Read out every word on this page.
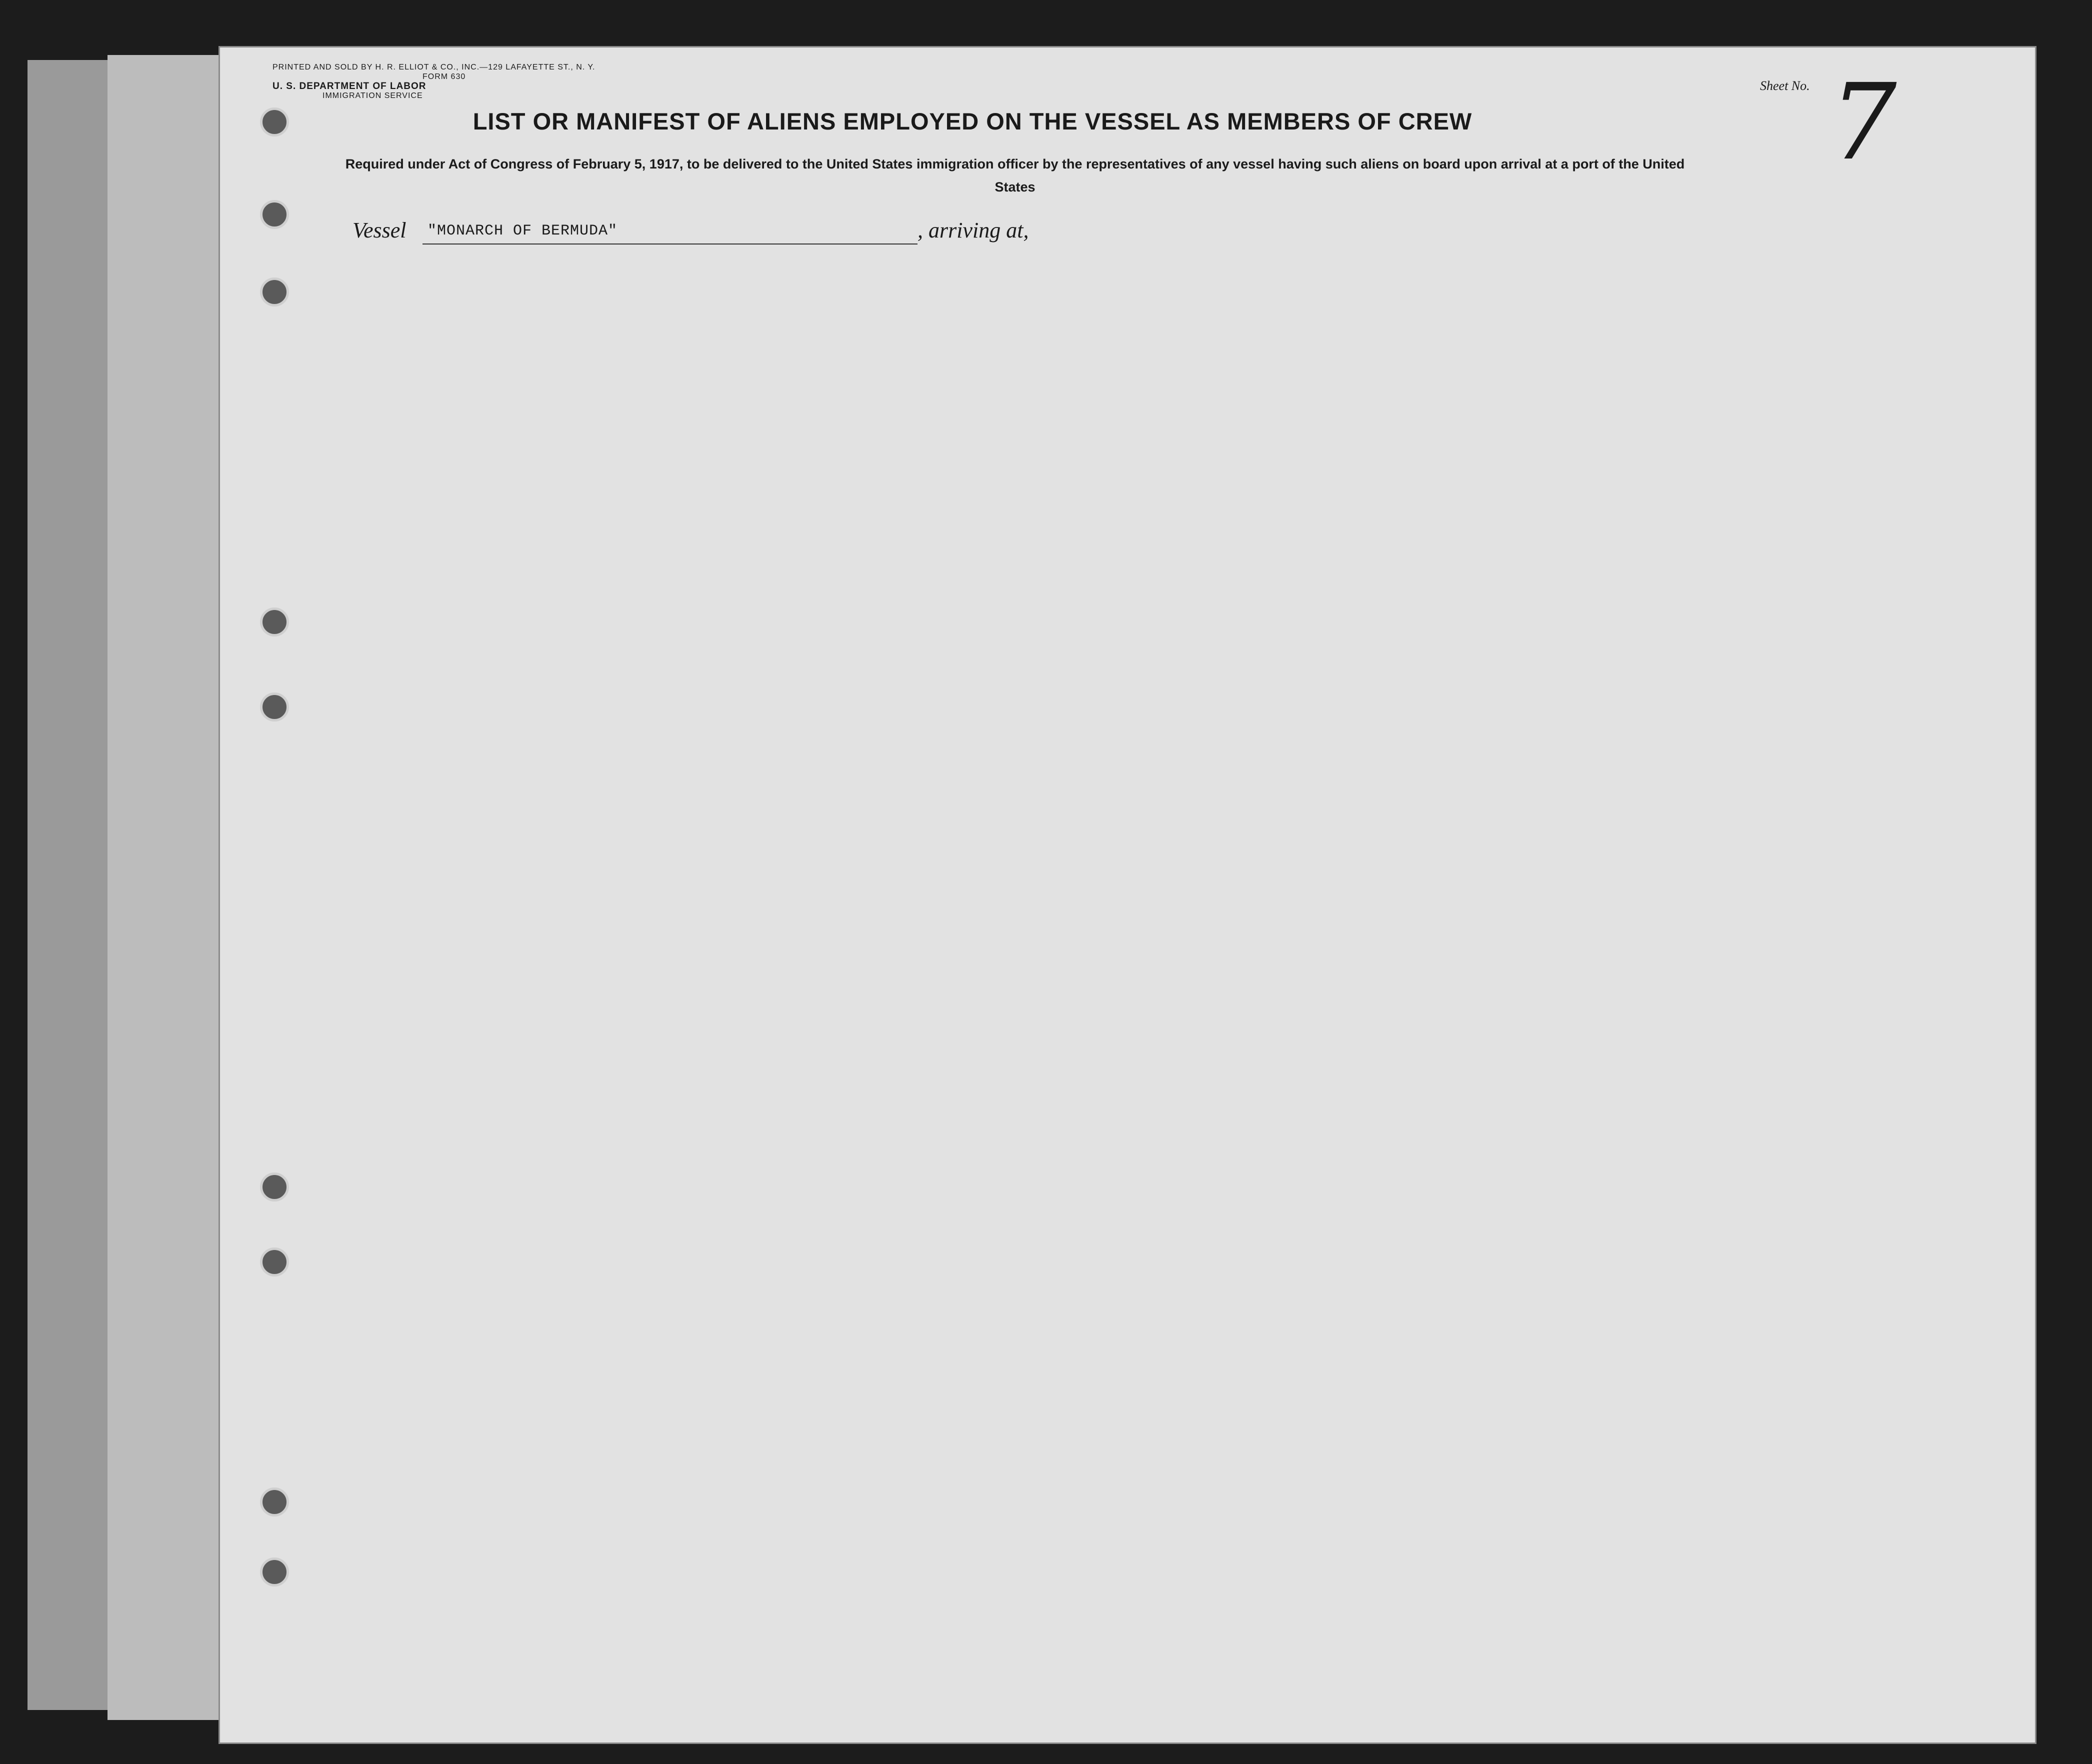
PRINTED AND SOLD BY H. R. ELLIOT & CO., INC.—129 LAFAYETTE ST., N. Y.
FORM 630
U. S. DEPARTMENT OF LABOR
IMMIGRATION SERVICE
Sheet No. 7
LIST OR MANIFEST OF ALIENS EMPLOYED ON THE VESSEL AS MEMBERS OF CREW
Required under Act of Congress of February 5, 1917, to be delivered to the United States immigration officer by the representatives of any vessel having such aliens on board upon arrival at a port of the United States
Vessel "MONARCH OF BERMUDA"	, arriving at,
